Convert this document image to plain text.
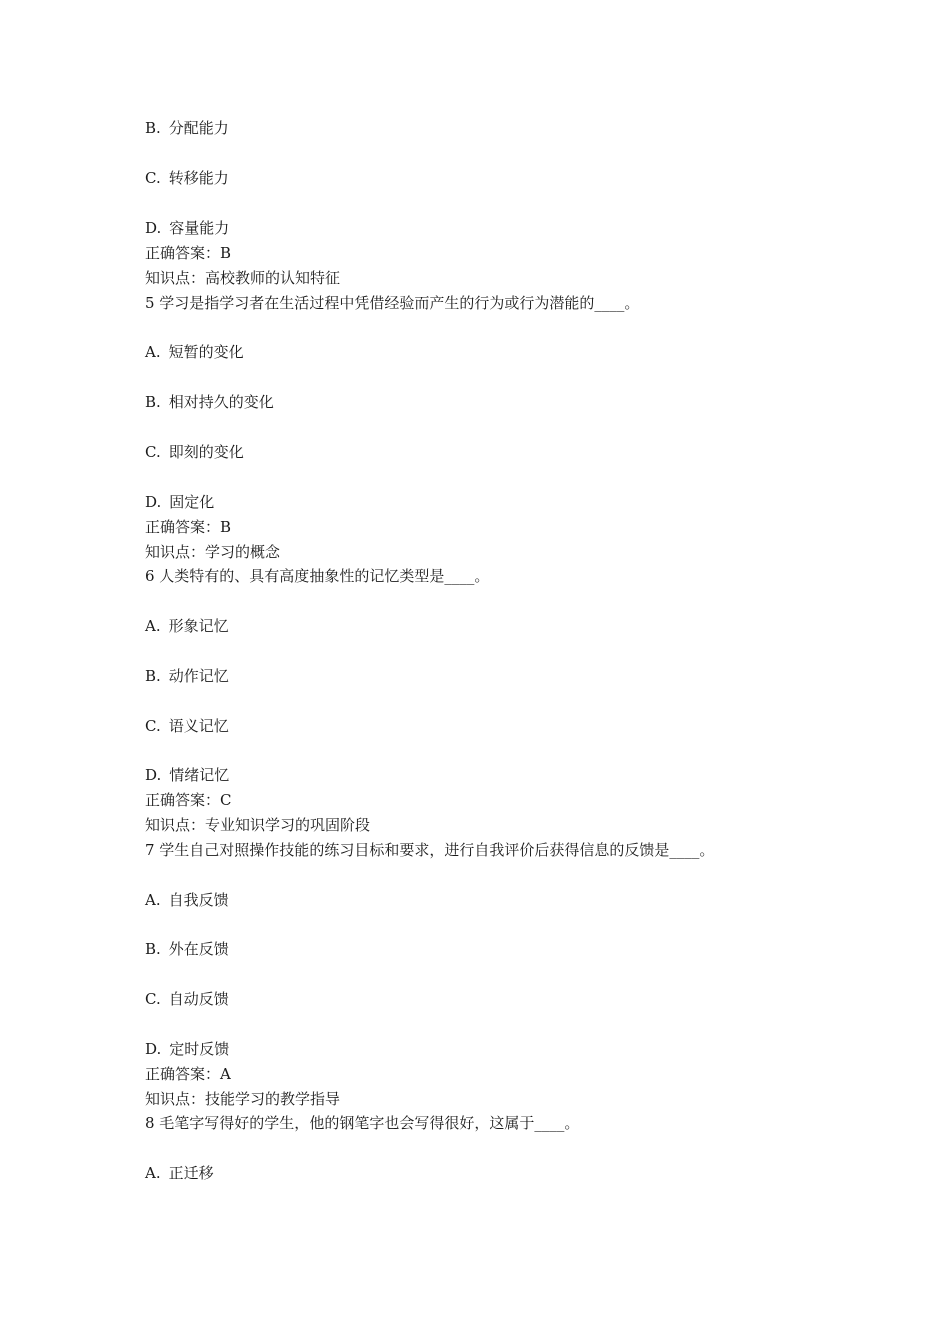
B. 分配能力
C. 转移能力
D. 容量能力
正确答案：B
知识点：高校教师的认知特征
5 学习是指学习者在生活过程中凭借经验而产生的行为或行为潜能的____。
A. 短暂的变化
B. 相对持久的变化
C. 即刻的变化
D. 固定化
正确答案：B
知识点：学习的概念
6 人类特有的、具有高度抽象性的记忆类型是____。
A. 形象记忆
B. 动作记忆
C. 语义记忆
D. 情绪记忆
正确答案：C
知识点：专业知识学习的巩固阶段
7 学生自己对照操作技能的练习目标和要求，进行自我评价后获得信息的反馈是____。
A. 自我反馈
B. 外在反馈
C. 自动反馈
D. 定时反馈
正确答案：A
知识点：技能学习的教学指导
8 毛笔字写得好的学生，他的钢笔字也会写得很好，这属于____。
A. 正迁移
